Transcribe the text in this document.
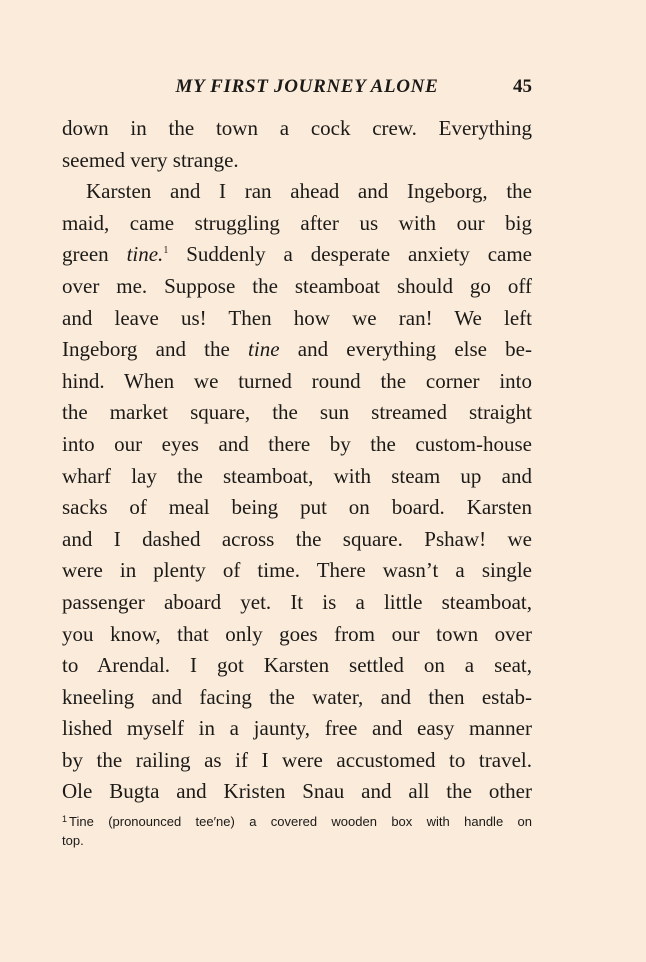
MY FIRST JOURNEY ALONE	45
down in the town a cock crew. Everything
seemed very strange.
Karsten and I ran ahead and Ingeborg, the
maid, came struggling after us with our big
green tine.$^1$ Suddenly a desperate anxiety came
over me. Suppose the steamboat should go off
and leave us! Then how we ran! We left
Ingeborg and the tine and everything else be-
hind. When we turned round the corner into
the market square, the sun streamed straight
into our eyes and there by the custom-house
wharf lay the steamboat, with steam up and
sacks of meal being put on board. Karsten
and I dashed across the square. Pshaw! we
were in plenty of time. There wasn’t a single
passenger aboard yet. It is a little steamboat,
you know, that only goes from our town over
to Arendal. I got Karsten settled on a seat,
kneeling and facing the water, and then estab-
lished myself in a jaunty, free and easy manner
by the railing as if I were accustomed to travel.
Ole Bugta and Kristen Snau and all the other
$^1$ Tine (pronounced tee′ne) a covered wooden box with handle on
top.
